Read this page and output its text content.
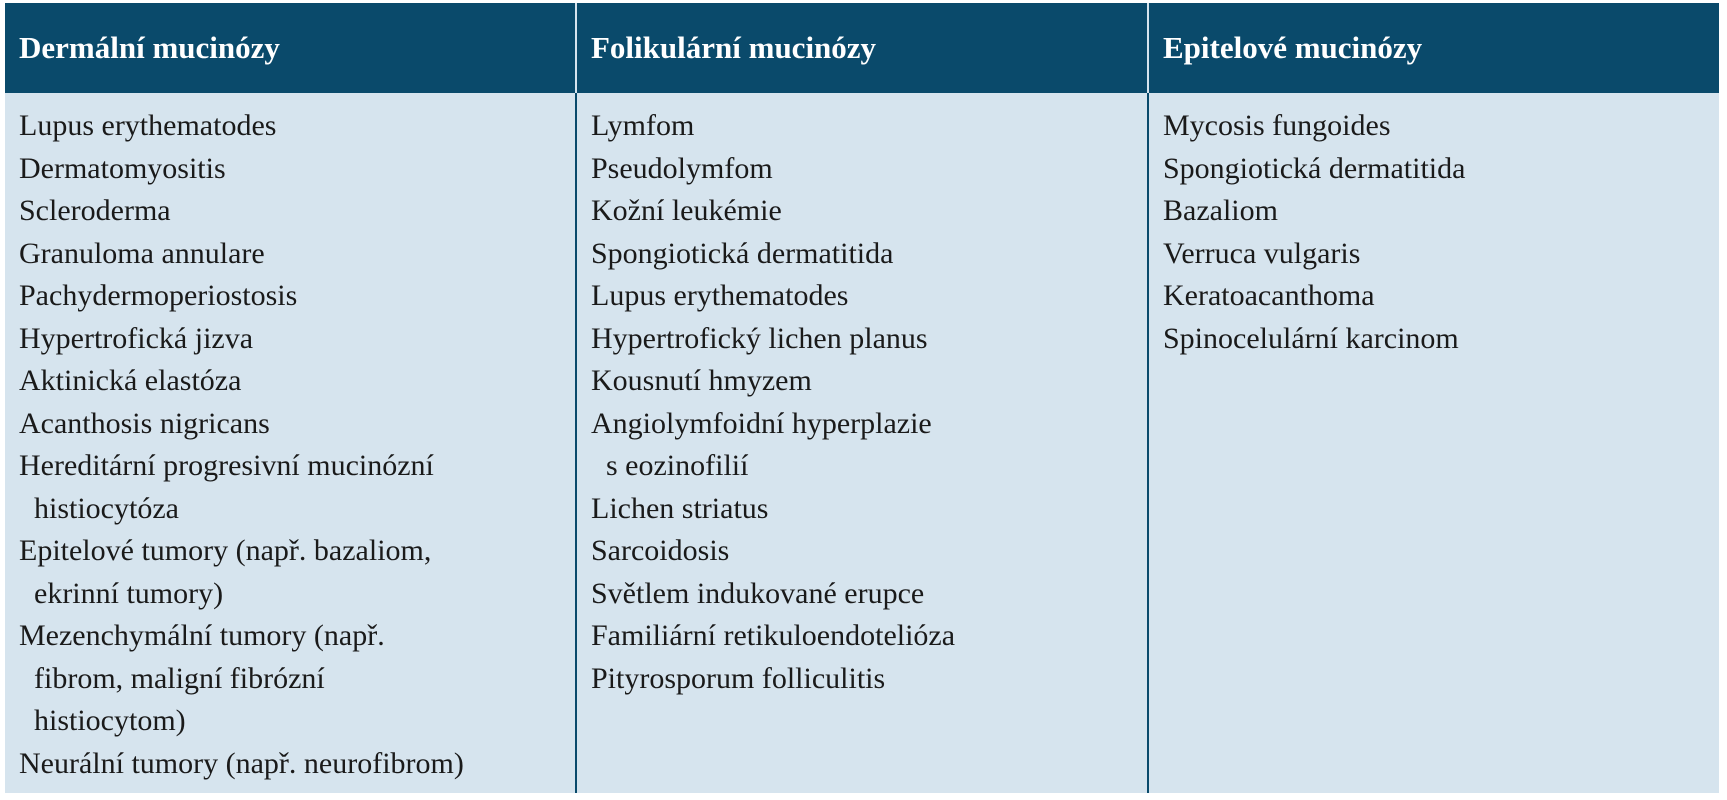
Dermální mucinózy	Folikulární mucinózy	Epitelové mucinózy
Lupus erythematodes
Dermatomyositis
Scleroderma
Granuloma annulare
Pachydermoperiostosis
Hypertrofická jizva
Aktinická elastóza
Acanthosis nigricans
Hereditární progresivní mucinózní
histiocytóza
Epitelové tumory (např. bazaliom,
ekrinní tumory)
Mezenchymální tumory (např.
fibrom, maligní fibrózní
histiocytom)
Neurální tumory (např. neurofibrom)
Lymfom
Pseudolymfom
Kožní leukémie
Spongiotická dermatitida
Lupus erythematodes
Hypertrofický lichen planus
Kousnutí hmyzem
Angiolymfoidní hyperplazie
s eozinofilií
Lichen striatus
Sarcoidosis
Světlem indukované erupce
Familiární retikuloendotelióza
Pityrosporum folliculitis
Mycosis fungoides
Spongiotická dermatitida
Bazaliom
Verruca vulgaris
Keratoacanthoma
Spinocelulární karcinom
